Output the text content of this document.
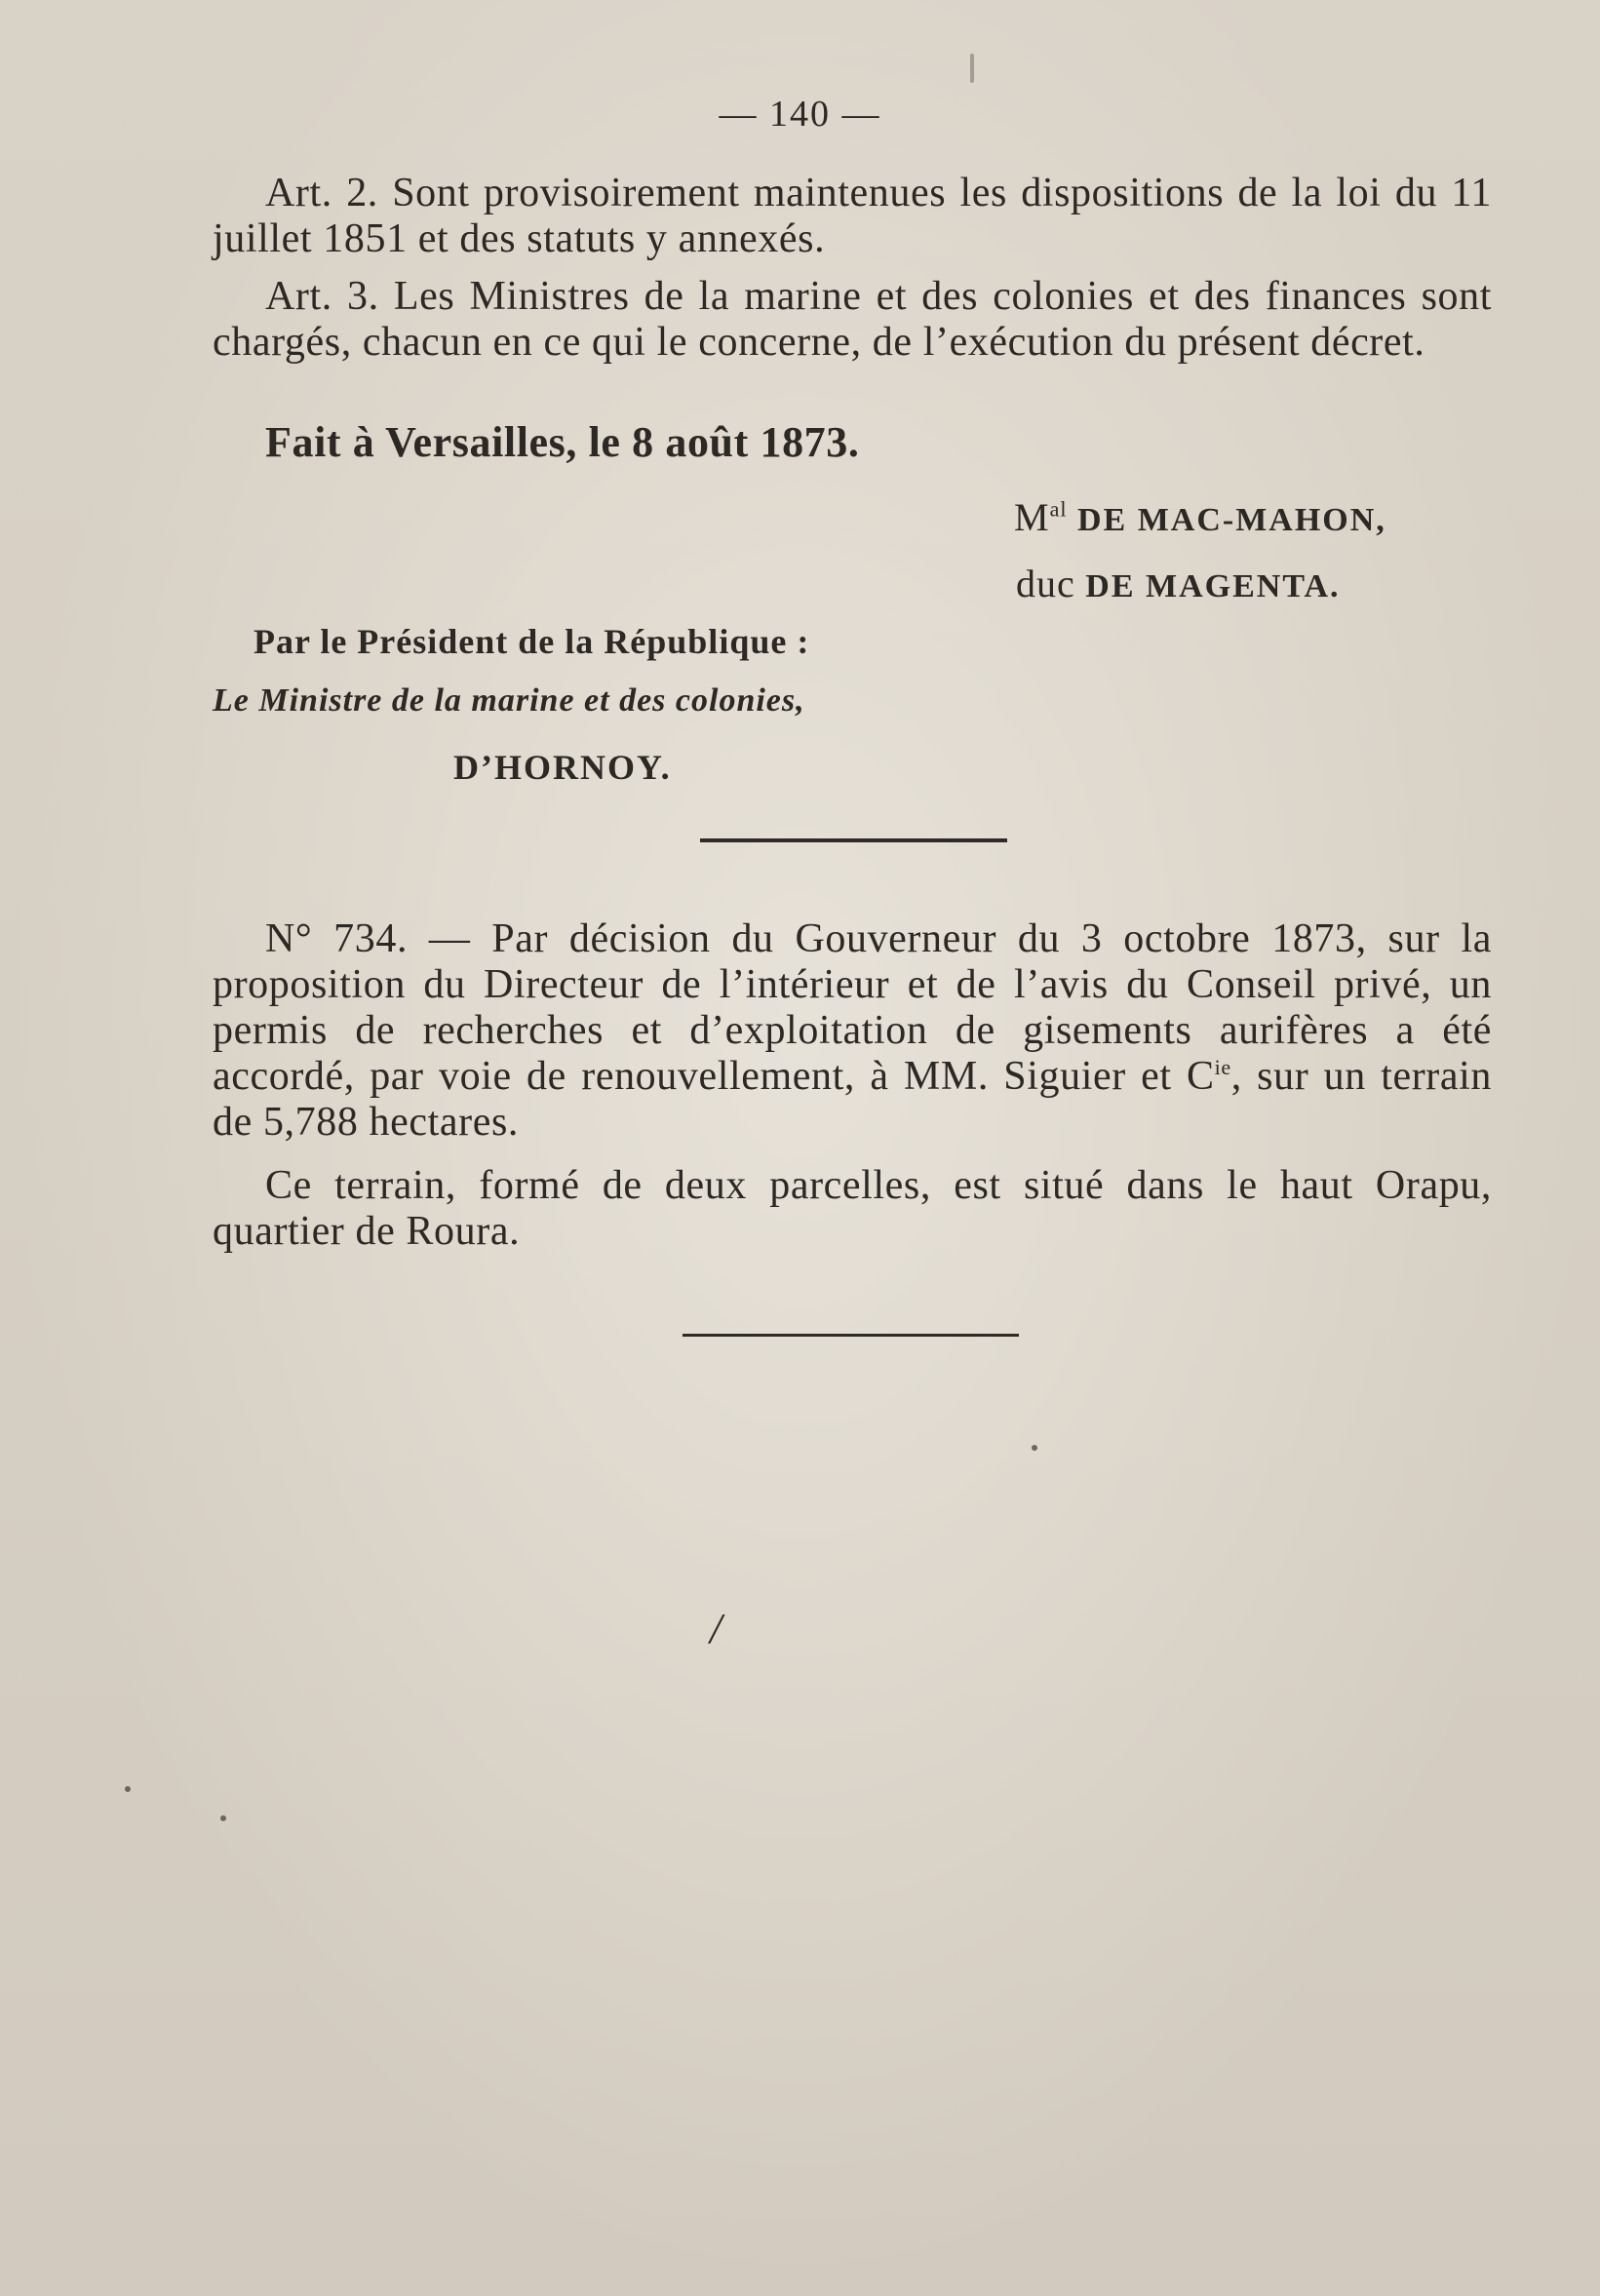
— 140 —

Art. 2. Sont provisoirement maintenues les dispositions de la loi du 11 juillet 1851 et des statuts y annexés.

Art. 3. Les Ministres de la marine et des colonies et des finances sont chargés, chacun en ce qui le concerne, de l’exécution du présent décret.

Fait à Versailles, le 8 août 1873.

$M^{al}$ DE MAC-MAHON,
duc DE MAGENTA.
Par le Président de la République :
Le Ministre de la marine et des colonies,
D’HORNOY.

N° 734. — Par décision du Gouverneur du 3 octobre 1873, sur la proposition du Directeur de l’intérieur et de l’avis du Conseil privé, un permis de recherches et d’exploitation de gisements aurifères a été accordé, par voie de renouvellement, à MM. Siguier et $C^{ie}$, sur un terrain de 5,788 hectares.

Ce terrain, formé de deux parcelles, est situé dans le haut Orapu, quartier de Roura.

/
